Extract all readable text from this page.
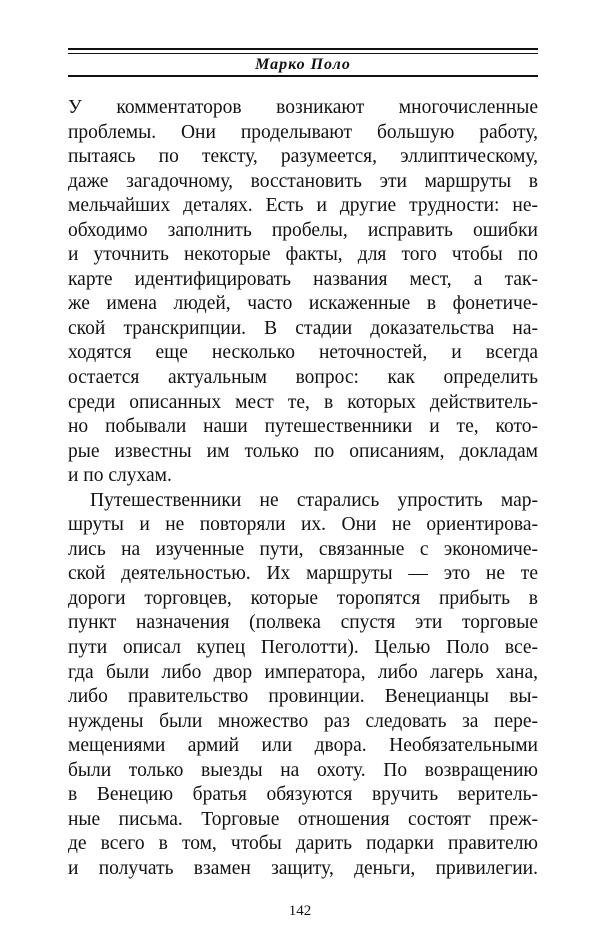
Марко Поло
У комментаторов возникают многочисленные
проблемы. Они проделывают большую работу,
пытаясь по тексту, разумеется, эллиптическому,
даже загадочному, восстановить эти маршруты в
мельчайших деталях. Есть и другие трудности: не-
обходимо заполнить пробелы, исправить ошибки
и уточнить некоторые факты, для того чтобы по
карте идентифицировать названия мест, а так-
же имена людей, часто искаженные в фонетиче-
ской транскрипции. В стадии доказательства на-
ходятся еще несколько неточностей, и всегда
остается актуальным вопрос: как определить
среди описанных мест те, в которых действитель-
но побывали наши путешественники и те, кото-
рые известны им только по описаниям, докладам
и по слухам.
Путешественники не старались упростить мар-
шруты и не повторяли их. Они не ориентирова-
лись на изученные пути, связанные с экономиче-
ской деятельностью. Их маршруты — это не те
дороги торговцев, которые торопятся прибыть в
пункт назначения (полвека спустя эти торговые
пути описал купец Пеголотти). Целью Поло все-
гда были либо двор императора, либо лагерь хана,
либо правительство провинции. Венецианцы вы-
нуждены были множество раз следовать за пере-
мещениями армий или двора. Необязательными
были только выезды на охоту. По возвращению
в Венецию братья обязуются вручить веритель-
ные письма. Торговые отношения состоят преж-
де всего в том, чтобы дарить подарки правителю
и получать взамен защиту, деньги, привилегии.
142
